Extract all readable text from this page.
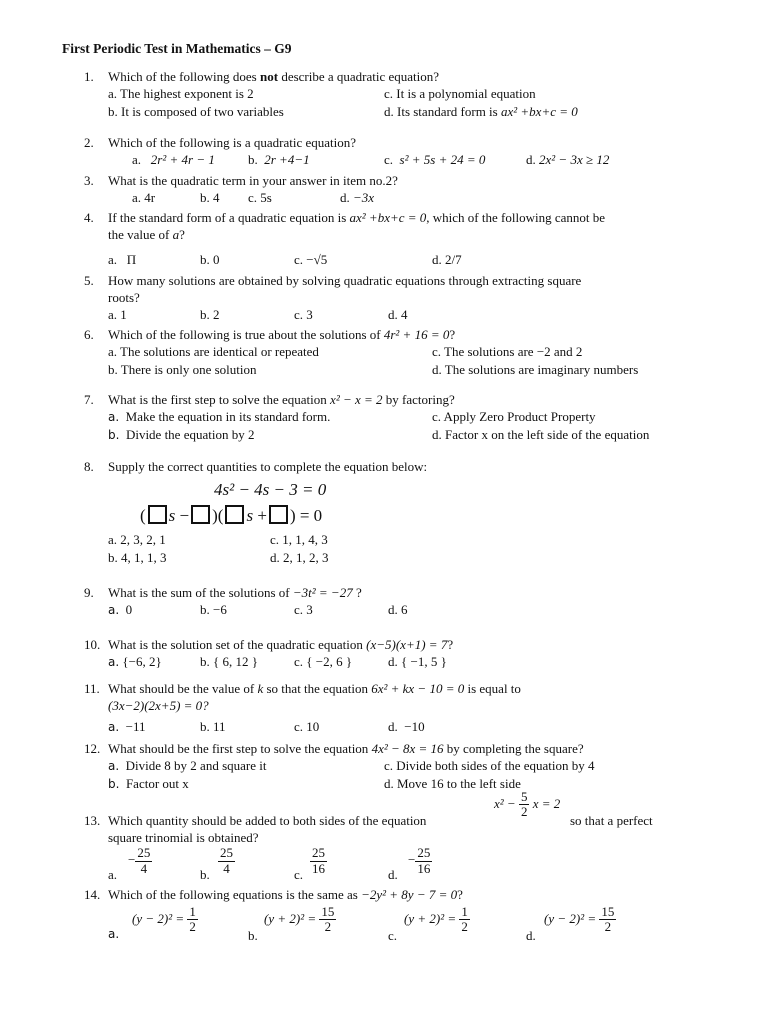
First Periodic Test in Mathematics – G9
1.	Which of the following does not describe a quadratic equation?
a. The highest exponent is 2	c. It is a polynomial equation
b. It is composed of two variables	d. Its standard form is ax² +bx+c = 0
2.	Which of the following is a quadratic equation?
a. 2r² + 4r − 1	b. 2r +4−1	c. s² + 5s + 24 = 0	d. 2x² − 3x ≥ 12
3.	What is the quadratic term in your answer in item no.2?
a. 4r	b. 4 c. 5s	d. −3x
4.	If the standard form of a quadratic equation is ax² +bx+c = 0, which of the following cannot be
the value of a?
a. Π	b. 0	c. −√5	d. 2/7
5.	How many solutions are obtained by solving quadratic equations through extracting square
roots?
a. 1	b. 2	c. 3	d. 4
6.	Which of the following is true about the solutions of 4r² + 16 = 0?
a. The solutions are identical or repeated	c. The solutions are −2 and 2
b. There is only one solution	d. The solutions are imaginary numbers
7.	What is the first step to solve the equation x² − x = 2 by factoring?
a. Make the equation in its standard form.	c. Apply Zero Product Property
b. Divide the equation by 2	d. Factor x on the left side of the equation
8.	Supply the correct quantities to complete the equation below:
4s² − 4s − 3 = 0
( s − )( s + ) = 0
a. 2, 3, 2, 1	c. 1, 1, 4, 3
b. 4, 1, 1, 3	d. 2, 1, 2, 3
9.	What is the sum of the solutions of −3t² = −27 ?
a. 0	b. −6	c. 3	d. 6
10. What is the solution set of the quadratic equation (x−5)(x+1) = 7?
a. {−6, 2}	b. { 6, 12 }	c. { −2, 6 }	d. { −1, 5 }
11. What should be the value of k so that the equation 6x² + kx − 10 = 0 is equal to
(3x−2)(2x+5) = 0?
a. −11	b. 11	c. 10	d. −10
12. What should be the first step to solve the equation 4x² − 8x = 16 by completing the square?
a. Divide 8 by 2 and square it	c. Divide both sides of the equation by 4
b. Factor out x	d. Move 16 to the left side
13. Which quantity should be added to both sides of the equation
$x^2 - \frac{5}{2}$ x = 2
so that a perfect
square trinomial is obtained?
a.
− $\frac{25}{4}$	b. $\frac{25}{4}$	c. $\frac{25}{16}$	d.
− $\frac{25}{16}$
14. Which of the following equations is the same as −2y² + 8y − 7 = 0?
a.
$(y - 2)^2 = \frac{1}{2}$
b.
$(y + 2)^2 = \frac{15}{2}$
c.
$(y + 2)^2 = \frac{1}{2}$
d.
$(y - 2)^2 = \frac{15}{2}$
